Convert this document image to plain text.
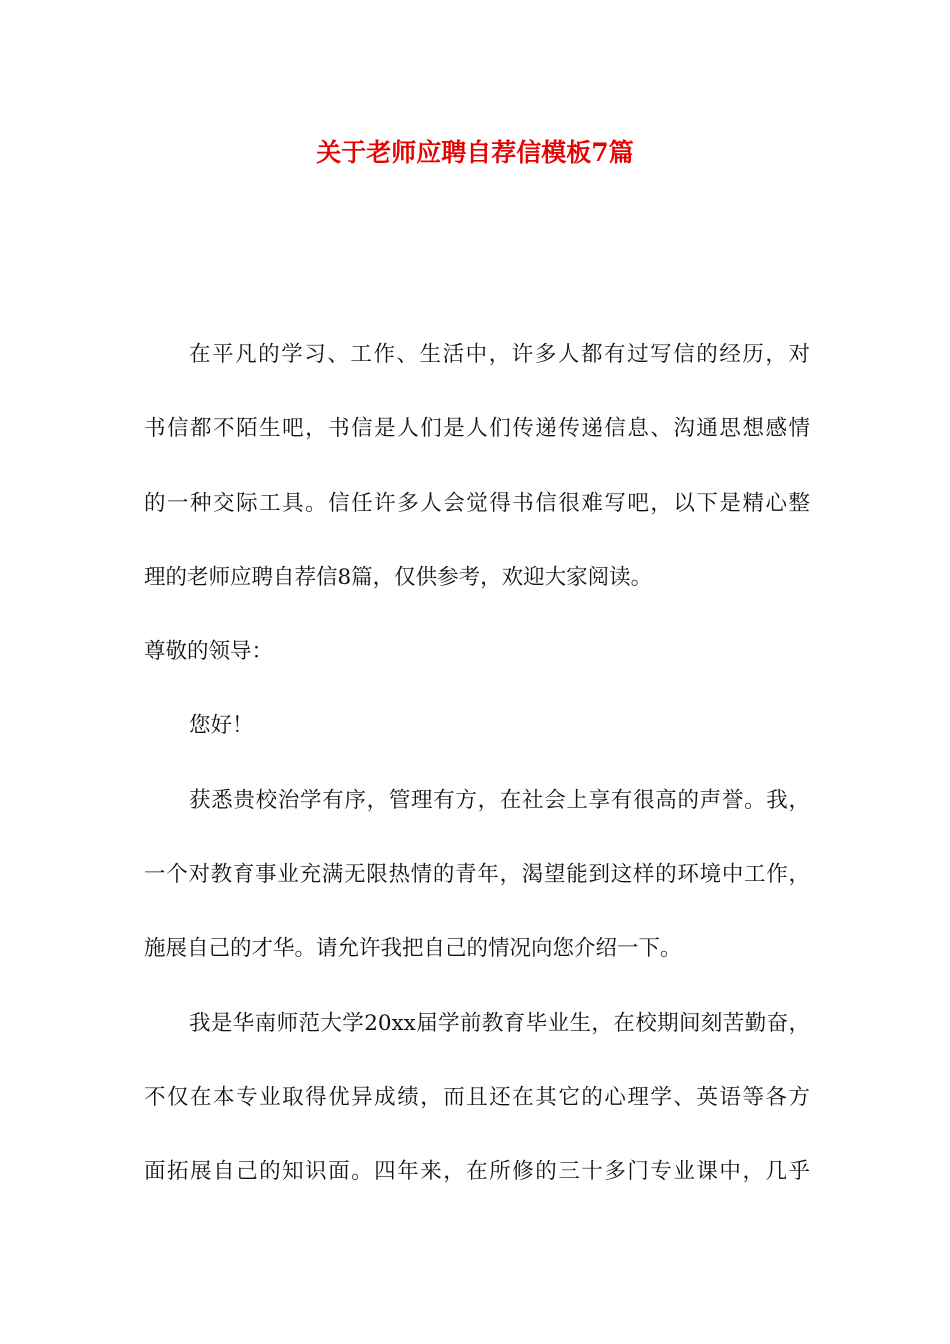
关于老师应聘自荐信模板7篇
在平凡的学习、工作、生活中，许多人都有过写信的经历，对
书信都不陌生吧，书信是人们是人们传递传递信息、沟通思想感情
的一种交际工具。信任许多人会觉得书信很难写吧，以下是精心整
理的老师应聘自荐信8篇，仅供参考，欢迎大家阅读。
尊敬的领导：
您好！
获悉贵校治学有序，管理有方，在社会上享有很高的声誉。我，
一个对教育事业充满无限热情的青年，渴望能到这样的环境中工作，
施展自己的才华。请允许我把自己的情况向您介绍一下。
我是华南师范大学20xx届学前教育毕业生，在校期间刻苦勤奋，
不仅在本专业取得优异成绩，而且还在其它的心理学、英语等各方
面拓展自己的知识面。四年来，在所修的三十多门专业课中，几乎
